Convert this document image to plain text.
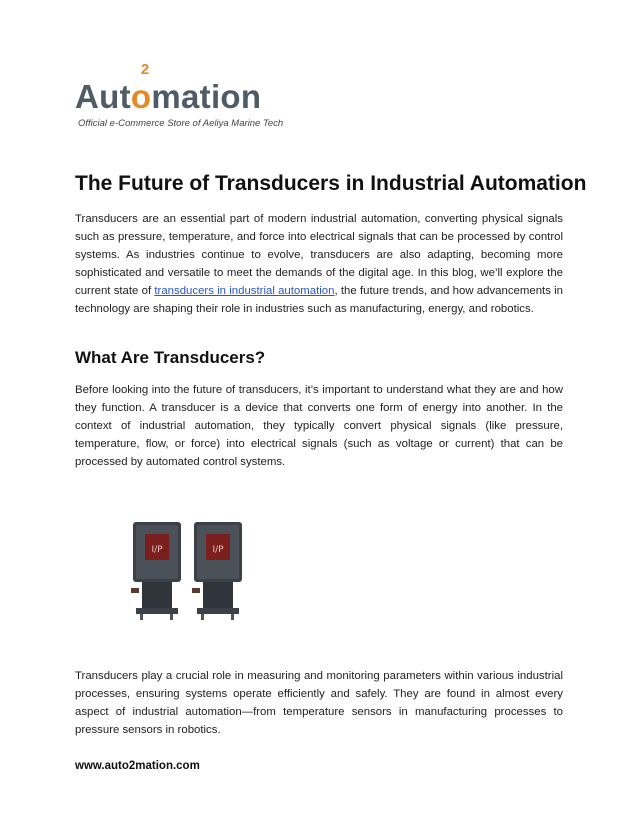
Auto
2
mation
Official e-Commerce Store of Aeliya Marine Tech
The Future of Transducers in Industrial Automation

Transducers are an essential part of modern industrial automation, converting physical signals such as pressure, temperature, and force into electrical signals that can be processed by control systems. As industries continue to evolve, transducers are also adapting, becoming more sophisticated and versatile to meet the demands of the digital age. In this blog, we’ll explore the current state of transducers in industrial automation, the future trends, and how advancements in technology are shaping their role in industries such as manufacturing, energy, and robotics.

What Are Transducers?

Before looking into the future of transducers, it’s important to understand what they are and how they function. A transducer is a device that converts one form of energy into another. In the context of industrial automation, they typically convert physical signals (like pressure, temperature, flow, or force) into electrical signals (such as voltage or current) that can be processed by automated control systems.

I/P	I/P

Transducers play a crucial role in measuring and monitoring parameters within various industrial processes, ensuring systems operate efficiently and safely. They are found in almost every aspect of industrial automation—from temperature sensors in manufacturing processes to pressure sensors in robotics.

www.auto2mation.com
